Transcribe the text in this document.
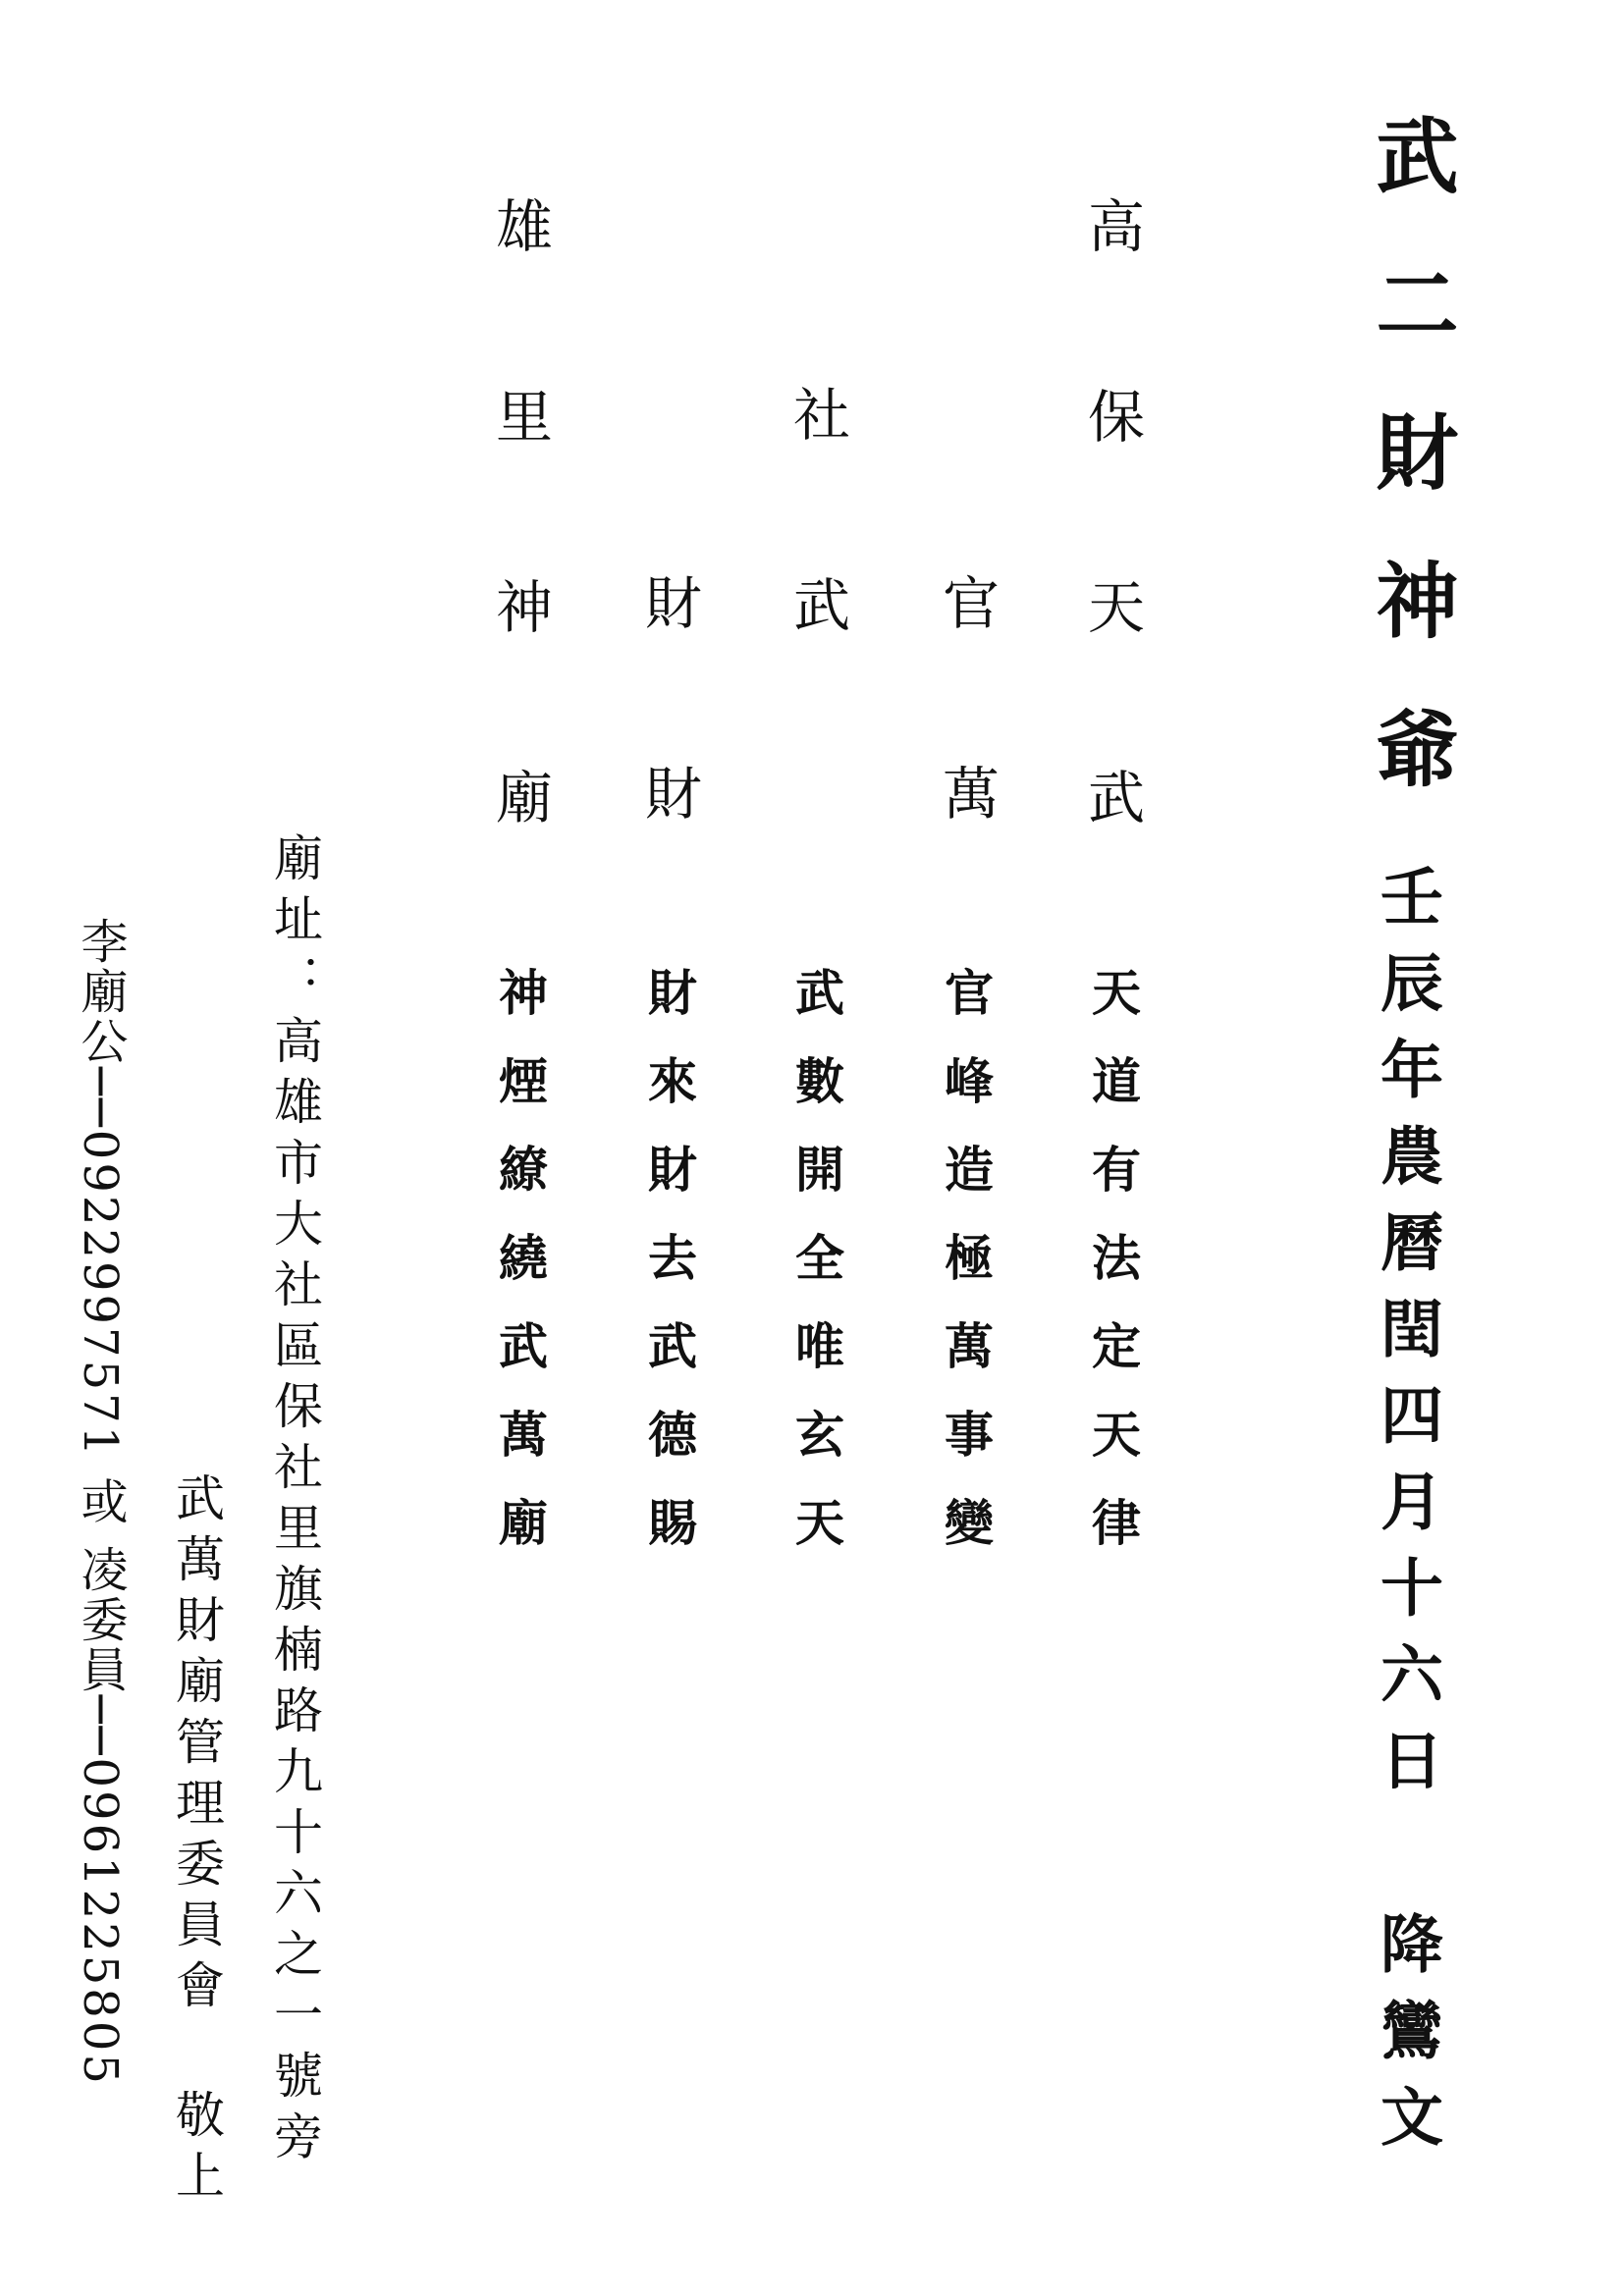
武二財神爺
壬辰年農曆閏四月十六日 降鸞文
高保天武
官萬
社武
財財
雄里神廟
天道有法定天律
官峰造極萬事變
武數開全唯玄天
財來財去武德賜
神煙繚繞武萬廟
廟址：高雄市大社區保社里旗楠路九十六之一號旁
武萬財廟管理委員會 敬上
李廟公──0922997571 或 凌委員──0961225805
